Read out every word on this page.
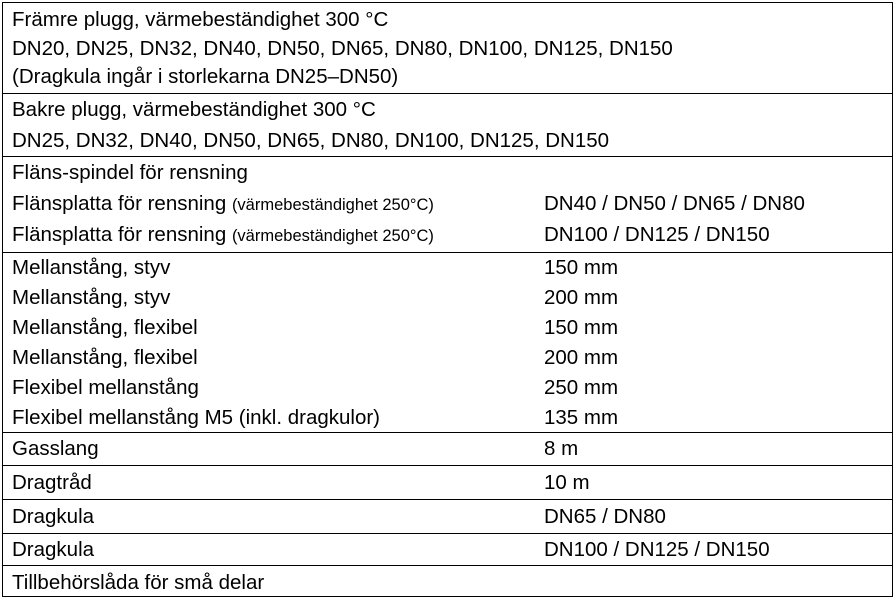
Främre plugg, värmebeständighet 300 °C
DN20, DN25, DN32, DN40, DN50, DN65, DN80, DN100, DN125, DN150
(Dragkula ingår i storlekarna DN25–DN50)
Bakre plugg, värmebeständighet 300 °C
DN25, DN32, DN40, DN50, DN65, DN80, DN100, DN125, DN150
Fläns-spindel för rensning
Flänsplatta för rensning (värmebeständighet 250°C)	DN40 / DN50 / DN65 / DN80
Flänsplatta för rensning (värmebeständighet 250°C)	DN100 / DN125 / DN150
Mellanstång, styv	150 mm
Mellanstång, styv	200 mm
Mellanstång, flexibel	150 mm
Mellanstång, flexibel	200 mm
Flexibel mellanstång	250 mm
Flexibel mellanstång M5 (inkl. dragkulor)	135 mm
Gasslang	8 m
Dragtråd	10 m
Dragkula	DN65 / DN80
Dragkula	DN100 / DN125 / DN150
Tillbehörslåda för små delar
